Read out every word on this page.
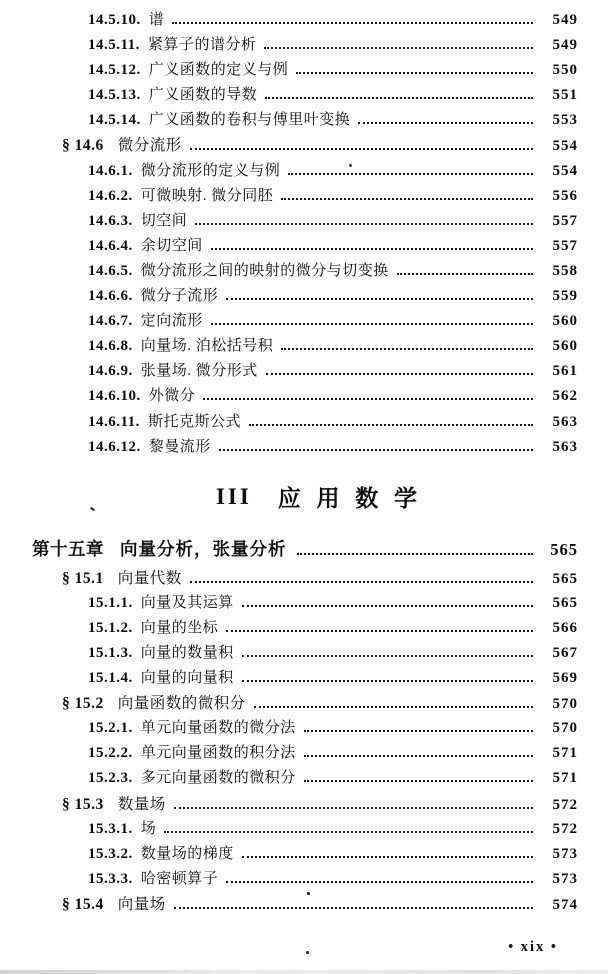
14.5.10. 谱	549
14.5.11. 紧算子的谱分析	549
14.5.12. 广义函数的定义与例	550
14.5.13. 广义函数的导数	551
14.5.14. 广义函数的卷积与傅里叶变换	553
§ 14.6 微分流形	554
14.6.1. 微分流形的定义与例	554
14.6.2. 可微映射. 微分同胚	556
14.6.3. 切空间	557
14.6.4. 余切空间	557
14.6.5. 微分流形之间的映射的微分与切变换	558
14.6.6. 微分子流形	559
14.6.7. 定向流形	560
14.6.8. 向量场. 泊松括号积	560
14.6.9. 张量场. 微分形式	561
14.6.10. 外微分	562
14.6.11. 斯托克斯公式	563
14.6.12. 黎曼流形	563
III 应 用 数 学
第十五章 向量分析，张量分析	565
§ 15.1 向量代数	565
15.1.1. 向量及其运算	565
15.1.2. 向量的坐标	566
15.1.3. 向量的数量积	567
15.1.4. 向量的向量积	569
§ 15.2 向量函数的微积分	570
15.2.1. 单元向量函数的微分法	570
15.2.2. 单元向量函数的积分法	571
15.2.3. 多元向量函数的微积分	571
§ 15.3 数量场	572
15.3.1. 场	572
15.3.2. 数量场的梯度	573
15.3.3. 哈密顿算子	573
§ 15.4 向量场	574
• xix •
